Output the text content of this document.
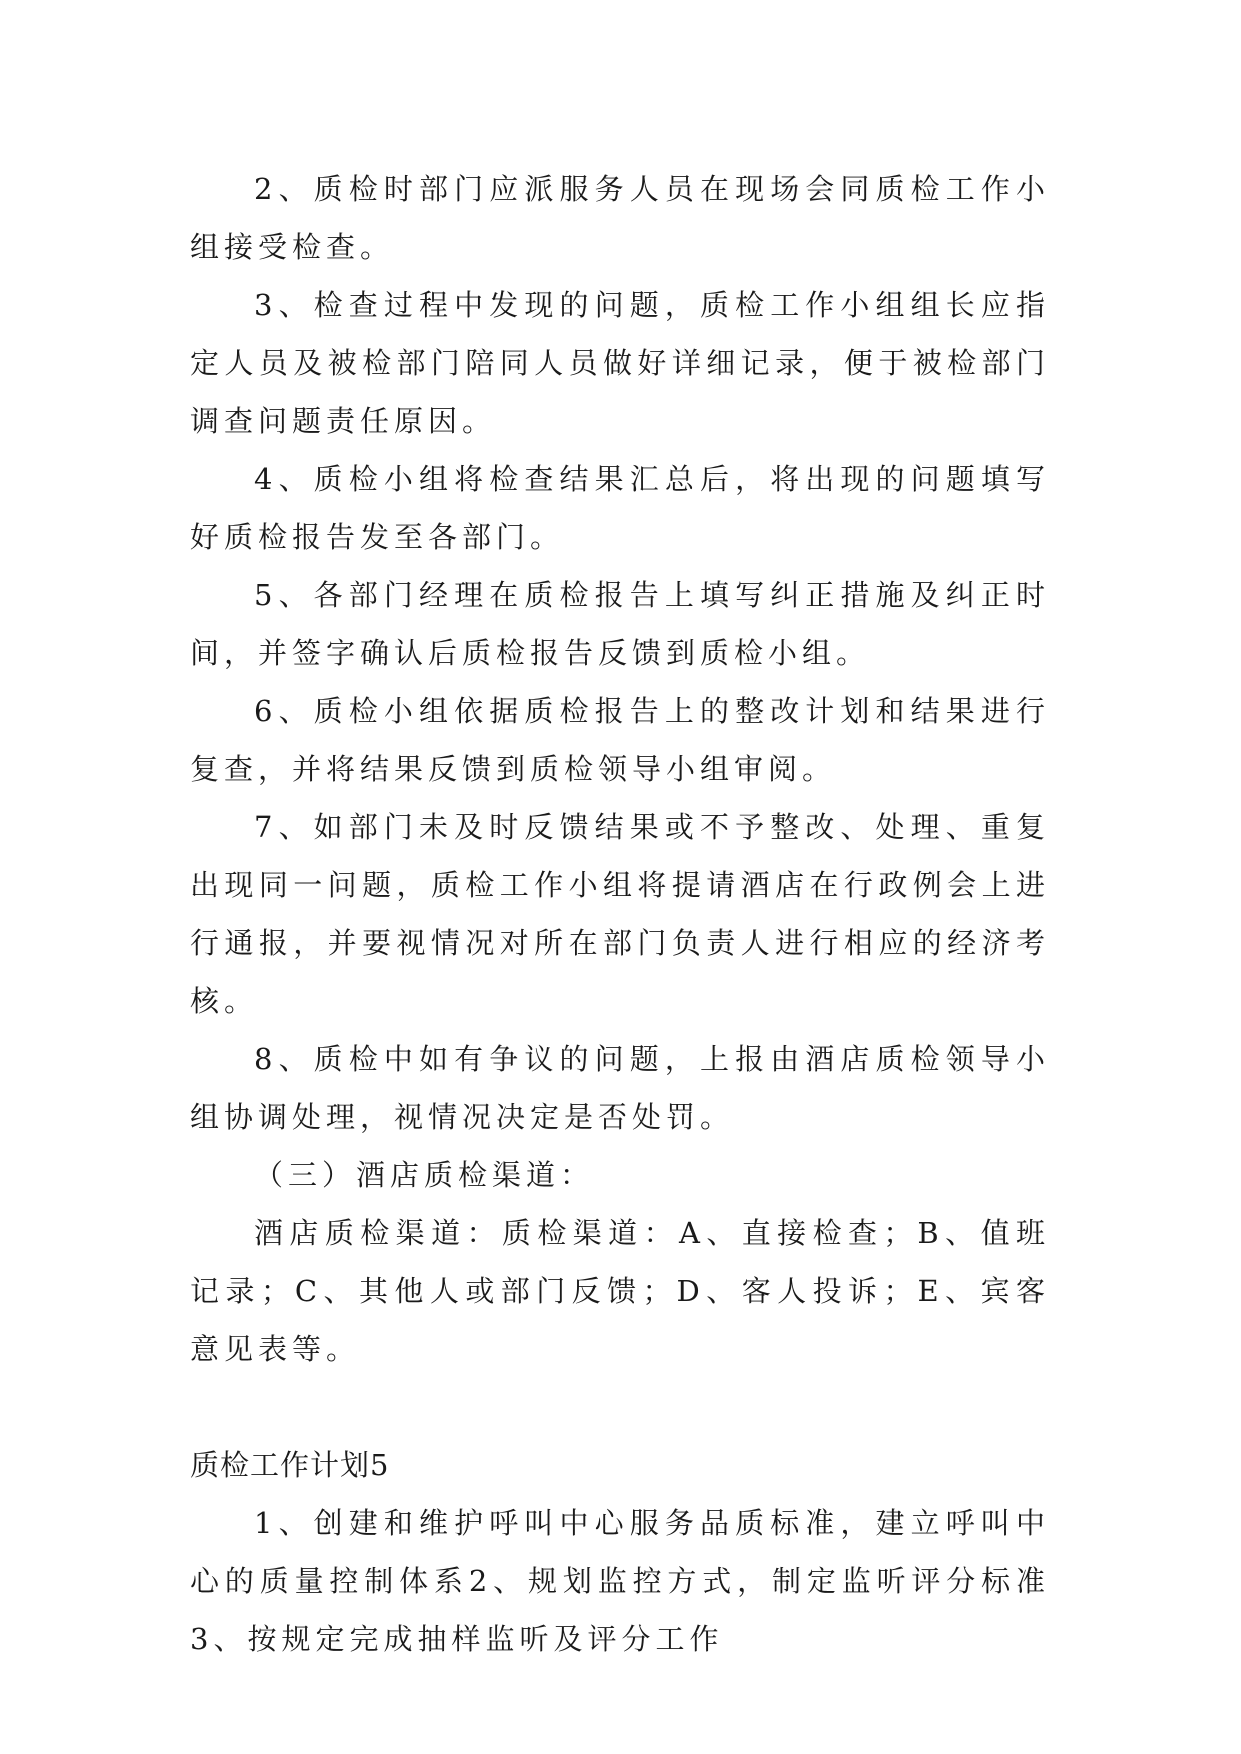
2、质检时部门应派服务人员在现场会同质检工作小组接受检查。

3、检查过程中发现的问题，质检工作小组组长应指定人员及被检部门陪同人员做好详细记录，便于被检部门调查问题责任原因。

4、质检小组将检查结果汇总后，将出现的问题填写好质检报告发至各部门。

5、各部门经理在质检报告上填写纠正措施及纠正时间，并签字确认后质检报告反馈到质检小组。

6、质检小组依据质检报告上的整改计划和结果进行复查，并将结果反馈到质检领导小组审阅。

7、如部门未及时反馈结果或不予整改、处理、重复出现同一问题，质检工作小组将提请酒店在行政例会上进行通报，并要视情况对所在部门负责人进行相应的经济考核。

8、质检中如有争议的问题，上报由酒店质检领导小组协调处理，视情况决定是否处罚。

（三）酒店质检渠道：

酒店质检渠道：质检渠道：A、直接检查；B、值班记录；C、其他人或部门反馈；D、客人投诉；E、宾客意见表等。

质检工作计划5

1、创建和维护呼叫中心服务品质标准，建立呼叫中心的质量控制体系2、规划监控方式，制定监听评分标准3、按规定完成抽样监听及评分工作
